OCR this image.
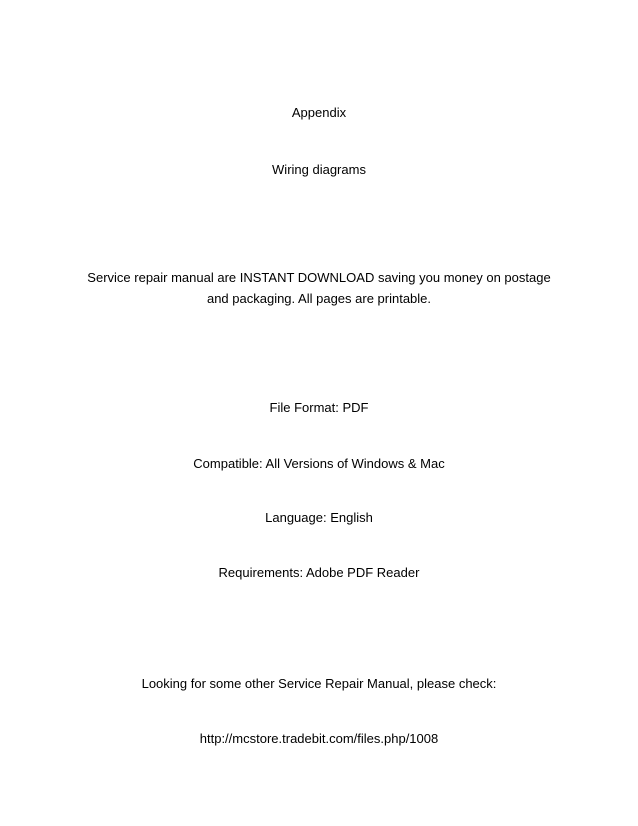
Appendix
Wiring diagrams
Service repair manual are INSTANT DOWNLOAD saving you money on postage and packaging. All pages are printable.
File Format: PDF
Compatible: All Versions of Windows & Mac
Language: English
Requirements: Adobe PDF Reader
Looking for some other Service Repair Manual, please check:
http://mcstore.tradebit.com/files.php/1008
